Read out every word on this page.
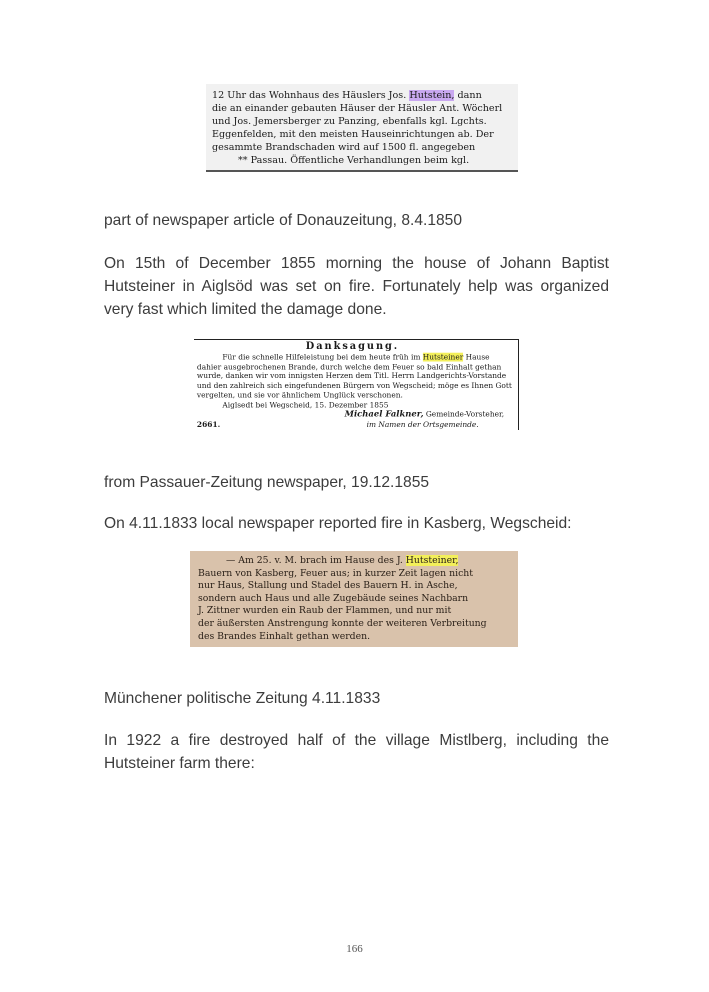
12 Uhr das Wohnhaus des Häuslers Jos. Hutstein, dann
die an einander gebauten Häuser der Häusler Ant. Wöcherl
und Jos. Jemersberger zu Panzing, ebenfalls kgl. Lgchts.
Eggenfelden, mit den meisten Hauseinrichtungen ab. Der
gesammte Brandschaden wird auf 1500 fl. angegeben
** Passau. Öffentliche Verhandlungen beim kgl.
part of newspaper article of Donauzeitung, 8.4.1850
On 15th of December 1855 morning the house of Johann Baptist Hutsteiner in Aiglsöd was set on fire. Fortunately help was organized very fast which limited the damage done.
Danksagung.
Für die schnelle Hilfeleistung bei dem heute früh im Hutsteiner Hause
dahier ausgebrochenen Brande, durch welche dem Feuer so bald Einhalt gethan
wurde, danken wir vom innigsten Herzen dem Titl. Herrn Landgerichts-Vorstande
und den zahlreich sich eingefundenen Bürgern von Wegscheid; möge es Ihnen Gott
vergelten, und sie vor ähnlichem Unglück verschonen.
Aiglsedt bei Wegscheid, 15. Dezember 1855
Michael Falkner, Gemeinde-Vorsteher,
2661.	im Namen der Ortsgemeinde.
from Passauer-Zeitung newspaper, 19.12.1855
On 4.11.1833 local newspaper reported fire in Kasberg, Wegscheid:
— Am 25. v. M. brach im Hause des J. Hutsteiner,
Bauern von Kasberg, Feuer aus; in kurzer Zeit lagen nicht
nur Haus, Stallung und Stadel des Bauern H. in Asche,
sondern auch Haus und alle Zugebäude seines Nachbarn
J. Zittner wurden ein Raub der Flammen, und nur mit
der äußersten Anstrengung konnte der weiteren Verbreitung
des Brandes Einhalt gethan werden.
Münchener politische Zeitung 4.11.1833
In 1922 a fire destroyed half of the village Mistlberg, including the Hutsteiner farm there:
166
